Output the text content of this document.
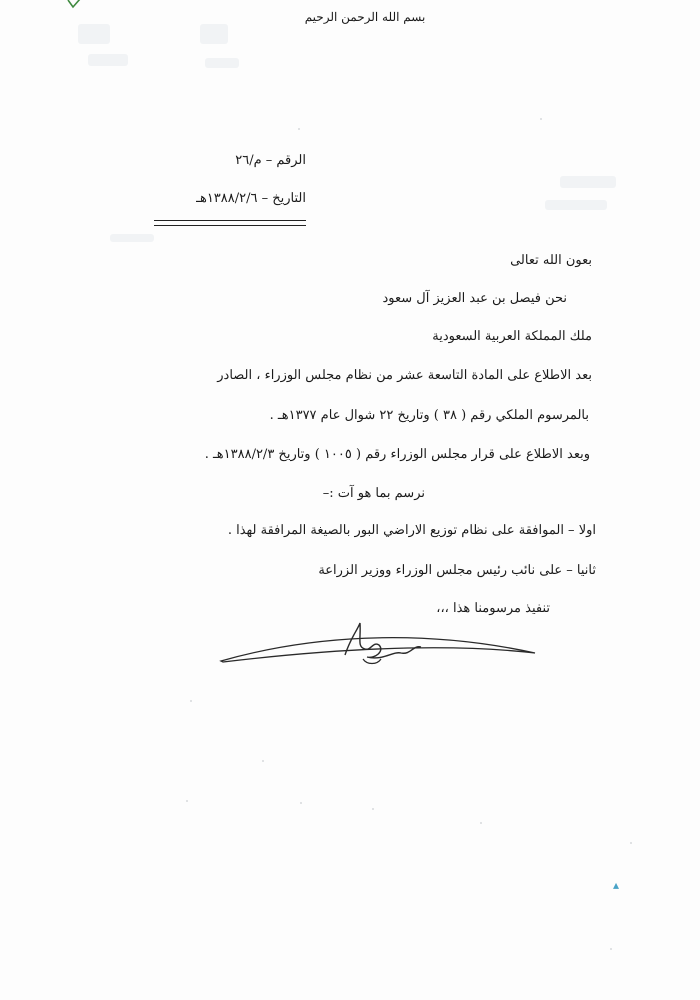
بسم الله الرحمن الرحيم
الرقم – م/٢٦
التاريخ – ١٣٨٨/٢/٦هـ
بعون الله تعالى
نحن فيصل بن عبد العزيز آل سعود
ملك المملكة العربية السعودية
بعد الاطلاع على المادة التاسعة عشر من نظام مجلس الوزراء ، الصادر
بالمرسوم الملكي رقم ( ٣٨ ) وتاريخ ٢٢ شوال عام ١٣٧٧هـ .
وبعد الاطلاع على قرار مجلس الوزراء رقم ( ١٠٠٥ ) وتاريخ ١٣٨٨/٢/٣هـ .
نرسم بما هو آت :–
اولا – الموافقة على نظام توزيع الاراضي البور بالصيغة المرافقة لهذا .
ثانيا – على نائب رئيس مجلس الوزراء ووزير الزراعة
تنفيذ مرسومنا هذا ،،،
▴
